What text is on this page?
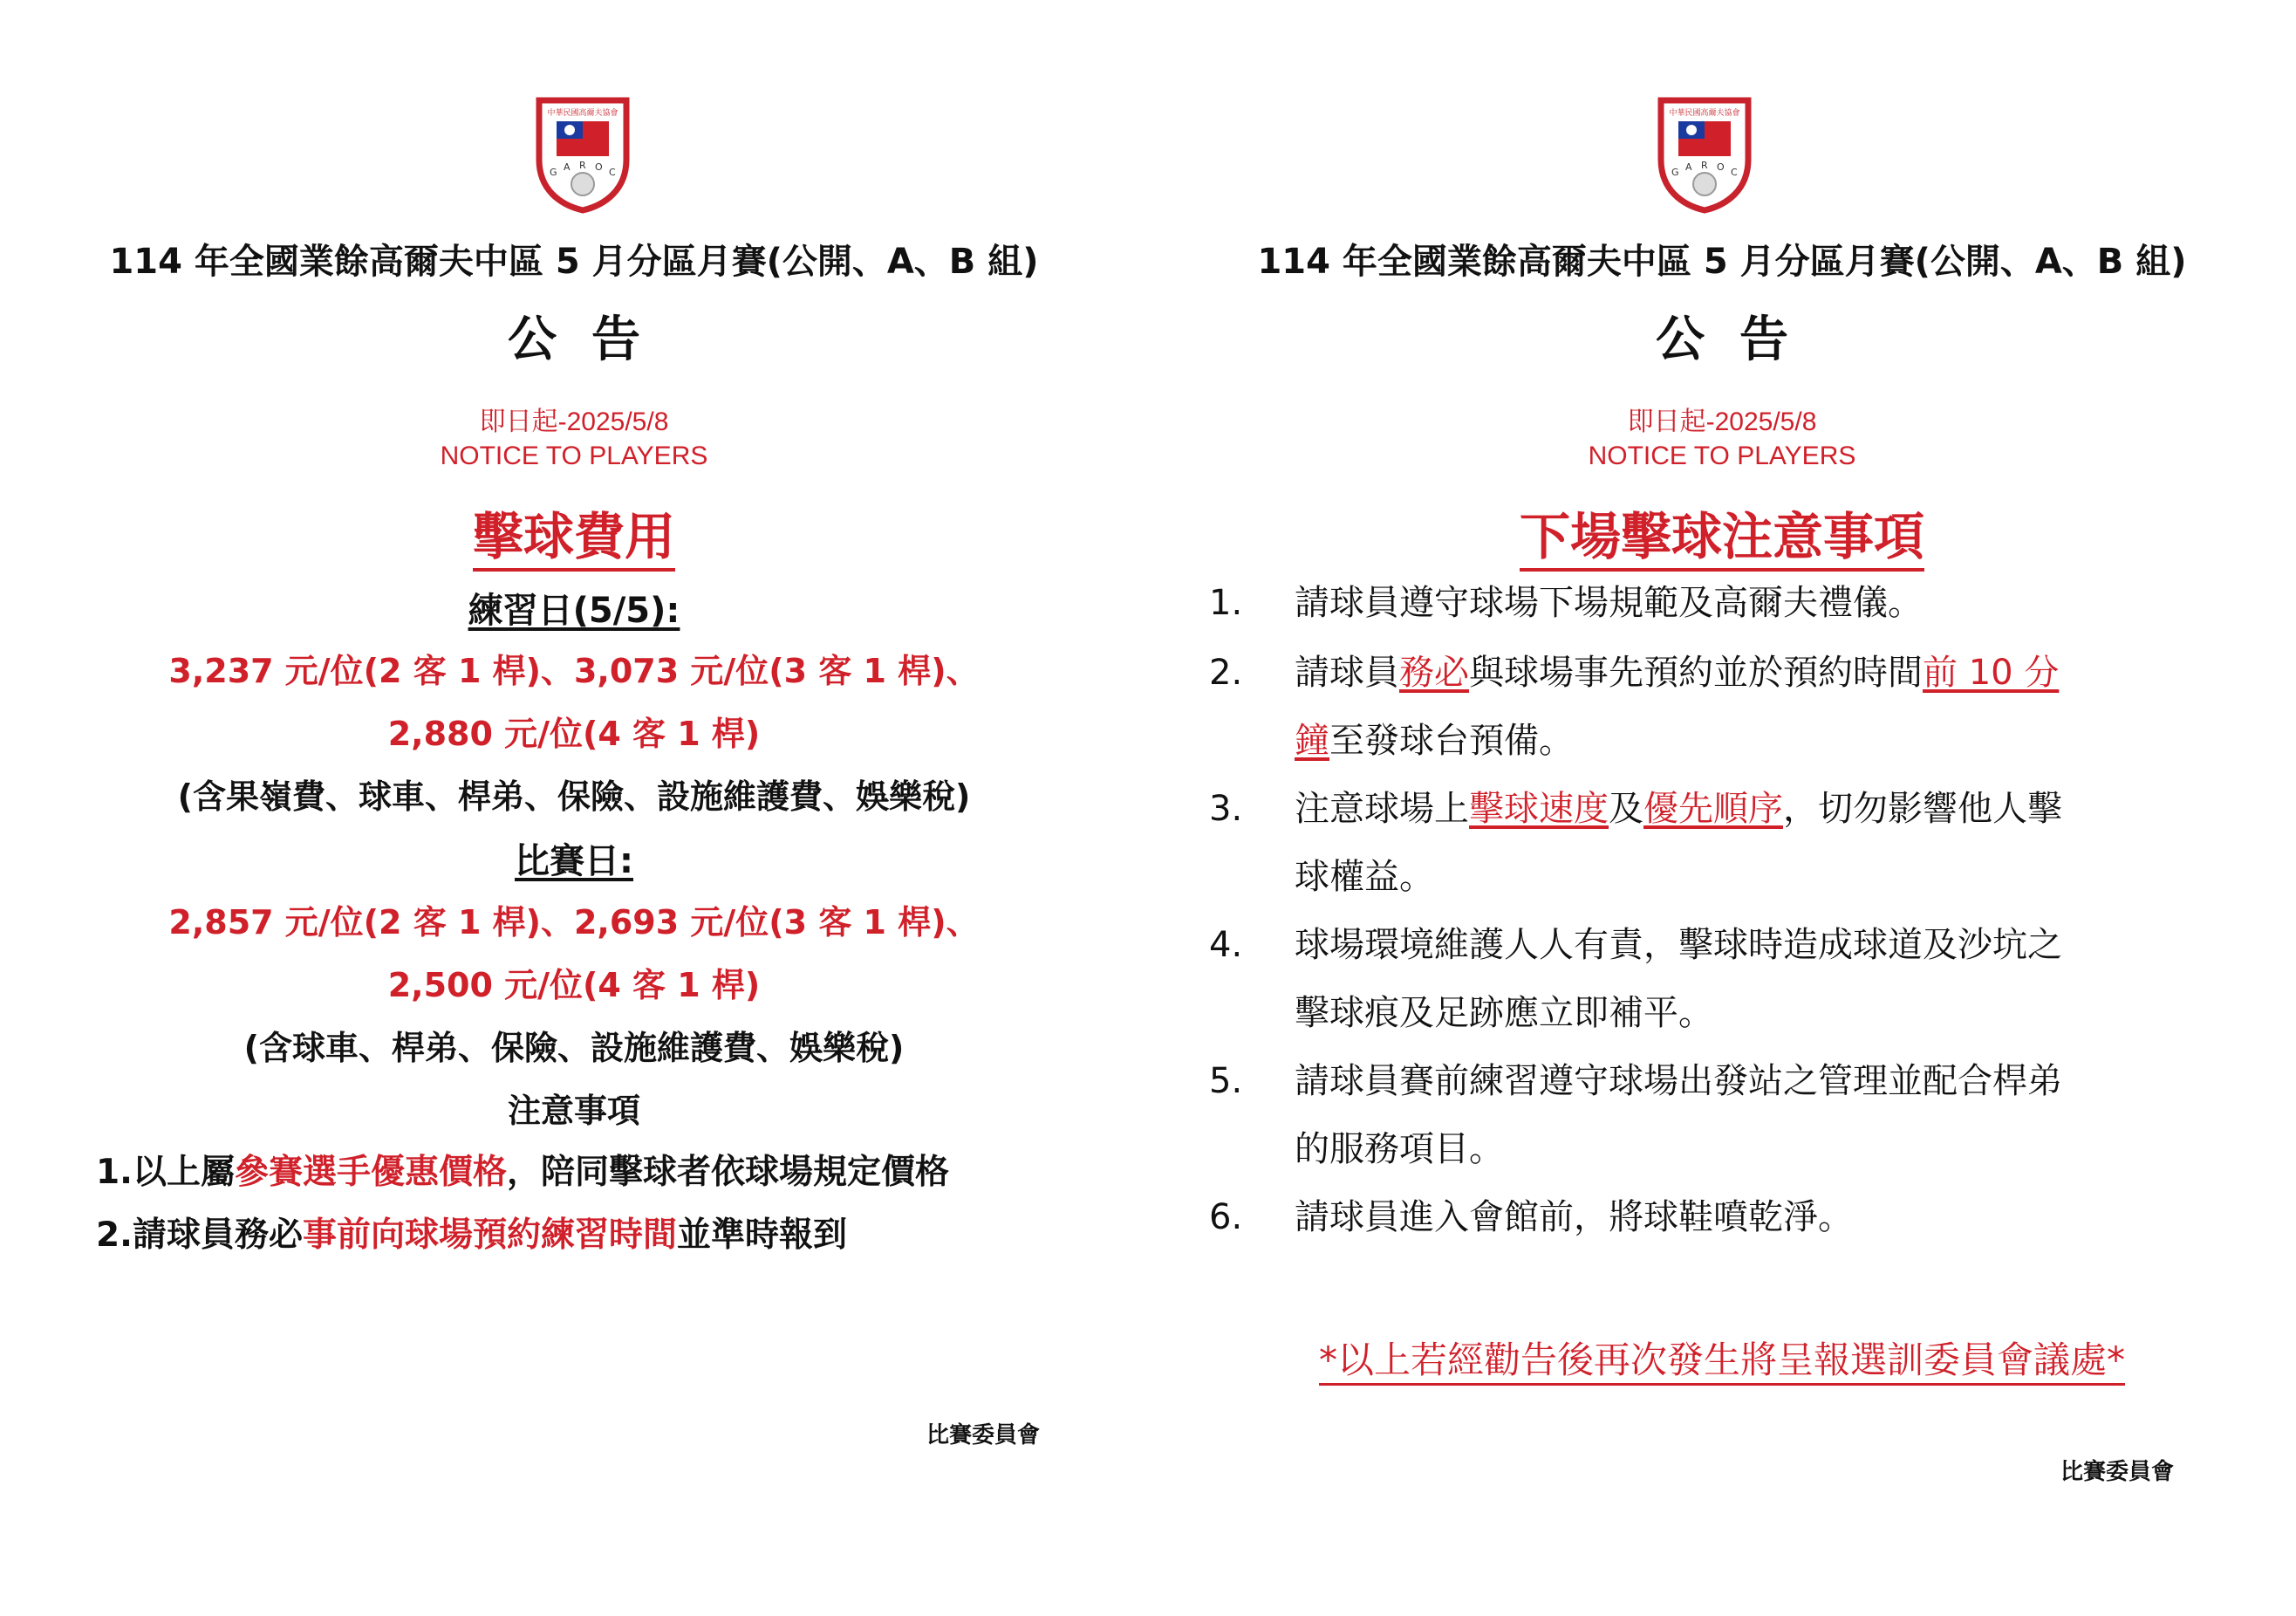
中華民國高爾夫協會
G A R O C
114 年全國業餘高爾夫中區 5 月分區月賽(公開、A、B 組)
公告
即日起-2025/5/8
NOTICE TO PLAYERS
擊球費用
練習日(5/5):
3,237 元/位(2 客 1 桿)、3,073 元/位(3 客 1 桿)、
2,880 元/位(4 客 1 桿)
(含果嶺費、球車、桿弟、保險、設施維護費、娛樂稅)
比賽日:
2,857 元/位(2 客 1 桿)、2,693 元/位(3 客 1 桿)、
2,500 元/位(4 客 1 桿)
(含球車、桿弟、保險、設施維護費、娛樂稅)
注意事項
1.以上屬參賽選手優惠價格，陪同擊球者依球場規定價格
2.請球員務必事前向球場預約練習時間並準時報到
比賽委員會
中華民國高爾夫協會
G A R O C
114 年全國業餘高爾夫中區 5 月分區月賽(公開、A、B 組)
公告
即日起-2025/5/8
NOTICE TO PLAYERS
下場擊球注意事項
1.	請球員遵守球場下場規範及高爾夫禮儀。
2.	請球員務必與球場事先預約並於預約時間前 10 分
鐘至發球台預備。
3.	注意球場上擊球速度及優先順序，切勿影響他人擊
球權益。
4.	球場環境維護人人有責，擊球時造成球道及沙坑之
擊球痕及足跡應立即補平。
5.	請球員賽前練習遵守球場出發站之管理並配合桿弟
的服務項目。
6.	請球員進入會館前，將球鞋噴乾淨。
*以上若經勸告後再次發生將呈報選訓委員會議處*
比賽委員會
